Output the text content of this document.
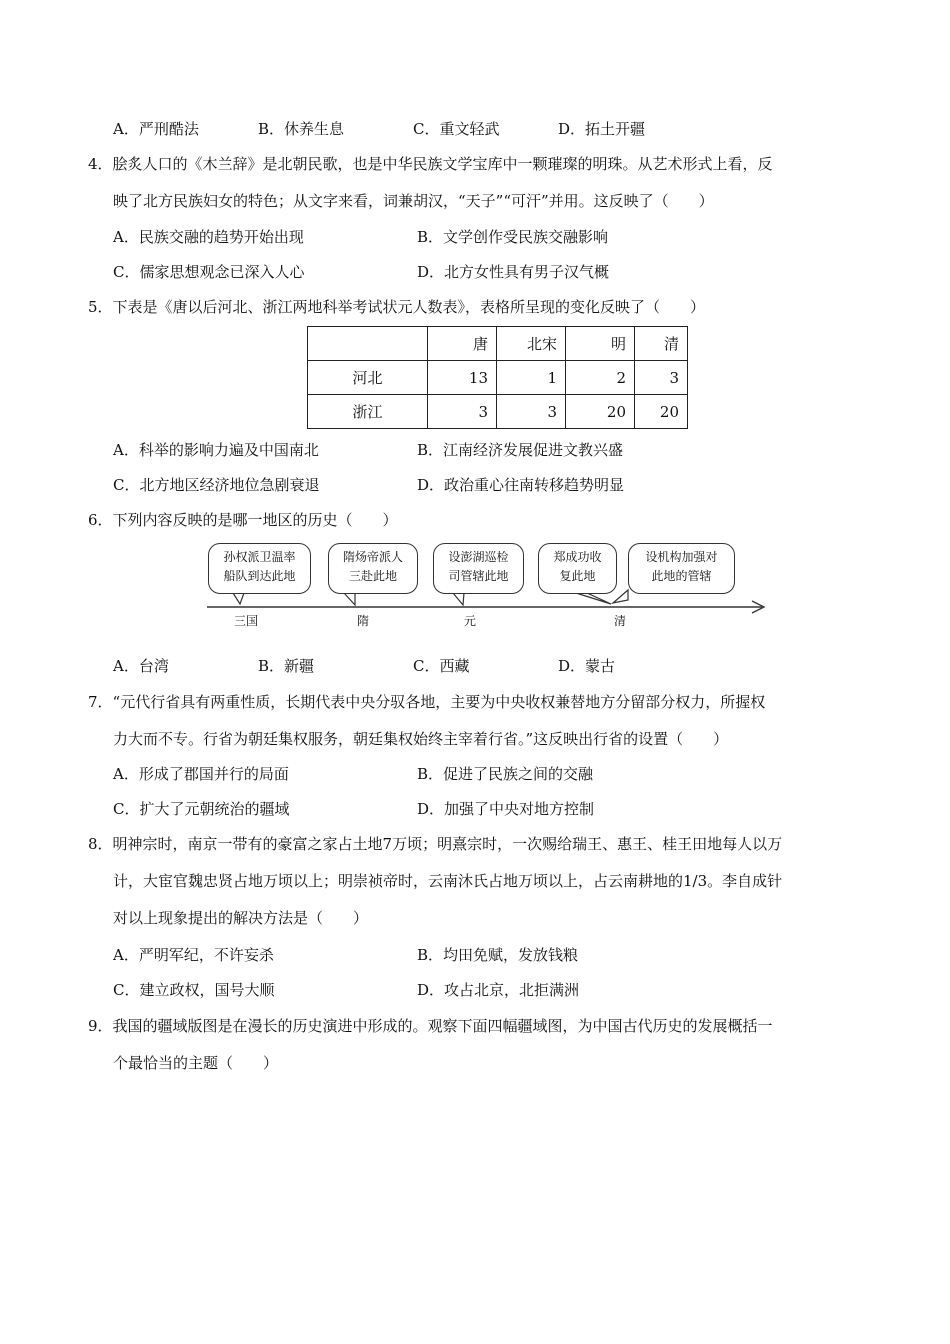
A．严刑酷法	B．休养生息	C．重文轻武	D．拓土开疆
4．脍炙人口的《木兰辞》是北朝民歌，也是中华民族文学宝库中一颗璀璨的明珠。从艺术形式上看，反
映了北方民族妇女的特色；从文字来看，词兼胡汉，“天子”“可汗”并用。这反映了（　　）
A．民族交融的趋势开始出现	B．文学创作受民族交融影响
C．儒家思想观念已深入人心	D．北方女性具有男子汉气概
5．下表是《唐以后河北、浙江两地科举考试状元人数表》，表格所呈现的变化反映了（　　）
	唐	北宋	明	清
河北	13	1	2	3
浙江	3	3	20	20
A．科举的影响力遍及中国南北	B．江南经济发展促进文教兴盛
C．北方地区经济地位急剧衰退	D．政治重心往南转移趋势明显
6．下列内容反映的是哪一地区的历史（　　）
孙权派卫温率
船队到达此地
隋炀帝派人
三赴此地
设澎湖巡检
司管辖此地
郑成功收
复此地
设机构加强对
此地的管辖
三国	隋	元	清
A．台湾	B．新疆	C．西藏	D．蒙古
7．“元代行省具有两重性质，长期代表中央分驭各地，主要为中央收权兼替地方分留部分权力，所握权
力大而不专。行省为朝廷集权服务，朝廷集权始终主宰着行省。”这反映出行省的设置（　　）
A．形成了郡国并行的局面	B．促进了民族之间的交融
C．扩大了元朝统治的疆域	D．加强了中央对地方控制
8．明神宗时，南京一带有的豪富之家占土地7万顷；明熹宗时，一次赐给瑞王、惠王、桂王田地每人以万
计，大宦官魏忠贤占地万顷以上；明崇祯帝时，云南沐氏占地万顷以上，占云南耕地的1/3。李自成针
对以上现象提出的解决方法是（　　）
A．严明军纪，不许妄杀	B．均田免赋，发放钱粮
C．建立政权，国号大顺	D．攻占北京，北拒满洲
9．我国的疆域版图是在漫长的历史演进中形成的。观察下面四幅疆域图，为中国古代历史的发展概括一
个最恰当的主题（　　）
